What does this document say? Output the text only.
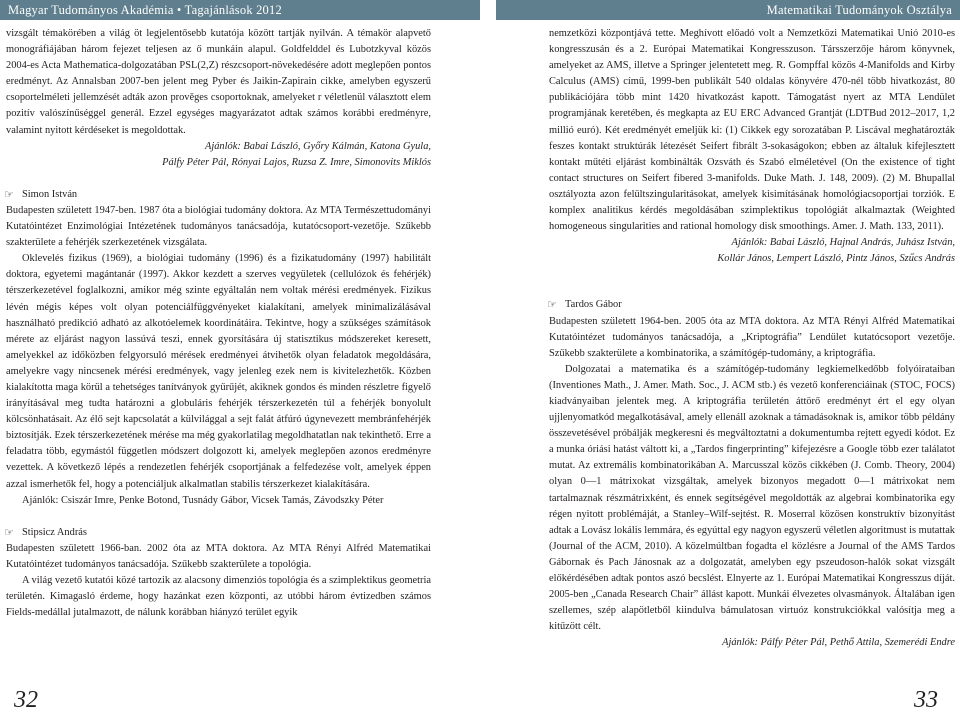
Magyar Tudományos Akadémia • Tagajánlások 2012	Matematikai Tudományok Osztálya

vizsgált témakörében a világ öt legjelentősebb kutatója között tartják nyilván. A témakör alapvető monográfiájában három fejezet teljesen az ő munkáin alapul. Goldfelddel és Lubotzkyval közös 2004-es Acta Mathematica-dolgozatában PSL(2,Z) részcsoport-növekedésére adott meglepően pontos eredményt. Az Annalsban 2007-ben jelent meg Pyber és Jaikin-Zapirain cikke, amelyben egyszerű csoportelméleti jellemzését adták azon prověges csoportoknak, amelyeket r véletlenül választott elem pozitív valószínűséggel generál. Ezzel egységes magyarázatot adtak számos korábbi eredményre, valamint nyitott kérdéseket is megoldottak.

Ajánlók: Babai László, Győry Kálmán, Katona Gyula,

Pálfy Péter Pál, Rónyai Lajos, Ruzsa Z. Imre, Simonovits Miklós

☞ Simon István

Budapesten született 1947-ben. 1987 óta a biológiai tudomány doktora. Az MTA Természettudományi Kutatóintézet Enzimológiai Intézetének tudományos tanácsadója, kutatócsoport-vezetője. Szűkebb szakterülete a fehérjék szerkezetének vizsgálata.

Oklevelés fizikus (1969), a biológiai tudomány (1996) és a fizikatudomány (1997) habilitált doktora, egyetemi magántanár (1997). Akkor kezdett a szerves vegyületek (cellulózok és fehérjék) térszerkezetével foglalkozni, amikor még szinte egyáltalán nem voltak mérési eredmények. Fizikus lévén mégis képes volt olyan potenciálfüggvényeket kialakítani, amelyek minimalizálásával használható predikció adható az alkotóelemek koordinátáira. Tekintve, hogy a szükséges számítások mérete az eljárást nagyon lassúvá teszi, ennek gyorsítására új statisztikus módszereket keresett, amelyekkel az időközben felgyorsuló mérések eredményei átvihetők olyan feladatok megoldására, amelyekre vagy nincsenek mérési eredmények, vagy jelenleg ezek nem is kivitelezhetők. Közben kialakította maga körül a tehetséges tanítványok gyűrűjét, akiknek gondos és minden részletre figyelő irányításával meg tudta határozni a globuláris fehérjék térszerkezetén túl a fehérjék bonyolult kölcsönhatásait. Az élő sejt kapcsolatát a külvilággal a sejt falát átfúró úgynevezett membránfehérjék biztosítják. Ezek térszerkezetének mérése ma még gyakorlatilag megoldhatatlan nak tekinthető. Erre a feladatra több, egymástól független módszert dolgozott ki, amelyek meglepően azonos eredményre vezettek. A következő lépés a rendezetlen fehérjék csoportjának a felfedezése volt, amelyek éppen azzal ismerhetők fel, hogy a potenciáljuk alkalmatlan stabilis térszerkezet kialakítására.

Ajánlók: Csiszár Imre, Penke Botond, Tusnády Gábor, Vicsek Tamás, Závodszky Péter

☞ Stipsicz András

Budapesten született 1966-ban. 2002 óta az MTA doktora. Az MTA Rényi Alfréd Matematikai Kutatóintézet tudományos tanácsadója. Szűkebb szakterülete a topológia.

A világ vezető kutatói közé tartozik az alacsony dimenziós topológia és a szimplektikus geometria területén. Kimagasló érdeme, hogy hazánkat ezen központi, az utóbbi három évtizedben számos Fields-medállal jutalmazott, de nálunk korábban hiányzó terület egyik

nemzetközi központjává tette. Meghívott előadó volt a Nemzetközi Matematikai Unió 2010-es kongresszusán és a 2. Európai Matematikai Kongresszuson. Társszerzője három könyvnek, amelyeket az AMS, illetve a Springer jelentetett meg. R. Gompffal közös 4-Manifolds and Kirby Calculus (AMS) című, 1999-ben publikált 540 oldalas könyvére 470-nél több hivatkozást, 80 publikációjára több mint 1420 hivatkozást kapott. Támogatást nyert az MTA Lendület programjának keretében, és megkapta az EU ERC Advanced Grantját (LDTBud 2012–2017, 1,2 millió euró). Két eredményét emeljük ki: (1) Cikkek egy sorozatában P. Liscával meghatározták feszes kontakt struktúrák létezését Seifert fibrált 3-sokaságokon; ebben az általuk kifejlesztett kontakt műtéti eljárást kombinálták Ozsváth és Szabó elméletével (On the existence of tight contact structures on Seifert fibered 3-manifolds. Duke Math. J. 148, 2009). (2) M. Bhupallal osztályozta azon felültszingularitásokat, amelyek kisimításának homológiacsoportjai torziók. E komplex analitikus kérdés megoldásában szimplektikus topológiát alkalmaztak (Weighted homogeneous singularities and rational homology disk smoothings. Amer. J. Math. 133, 2011).

Ajánlók: Babai László, Hajnal András, Juhász István,

Kollár János, Lempert László, Pintz János, Szűcs András

☞ Tardos Gábor

Budapesten született 1964-ben. 2005 óta az MTA doktora. Az MTA Rényi Alfréd Matematikai Kutatóintézet tudományos tanácsadója, a „Kriptográfia” Lendület kutatócsoport vezetője. Szűkebb szakterülete a kombinatorika, a számítógép-tudomány, a kriptográfia.

Dolgozatai a matematika és a számítógép-tudomány legkiemelkedőbb folyóirataiban (Inventiones Math., J. Amer. Math. Soc., J. ACM stb.) és vezető konferenciáinak (STOC, FOCS) kiadványaiban jelentek meg. A kriptográfia területén áttörő eredményt ért el egy olyan ujjlenyomatkód megalkotásával, amely ellenáll azoknak a támadásoknak is, amikor több példány összevetésével próbálják megkeresni és megváltoztatni a dokumentumba rejtett egyedi kódot. Ez a munka óriási hatást váltott ki, a „Tardos fingerprinting” kifejezésre a Google több ezer találatot mutat. Az extremális kombinatorikában A. Marcusszal közös cikkében (J. Comb. Theory, 2004) olyan 0—1 mátrixokat vizsgáltak, amelyek bizonyos megadott 0—1 mátrixokat nem tartalmaznak részmátrixként, és ennek segítségével megoldották az algebrai kombinatorika egy régen nyitott problémáját, a Stanley–Wilf-sejtést. R. Moserral közösen konstruktív bizonyítást adtak a Lovász lokális lemmára, és egyúttal egy nagyon egyszerű véletlen algoritmust is mutattak (Journal of the ACM, 2010). A közelmúltban fogadta el közlésre a Journal of the AMS Tardos Gábornak és Pach Jánosnak az a dolgozatát, amelyben egy pszeudoson-halók sokat vizsgált előkérdésében adtak pontos aszó becslést. Elnyerte az 1. Európai Matematikai Kongresszus díját. 2005-ben „Canada Research Chair” állást kapott. Munkái élvezetes olvasmányok. Általában igen szellemes, szép alapötletből kiindulva bámulatosan virtuóz konstrukciókkal valósítja meg a kitűzött célt.

Ajánlók: Pálfy Péter Pál, Pethő Attila, Szemerédi Endre

32	33
